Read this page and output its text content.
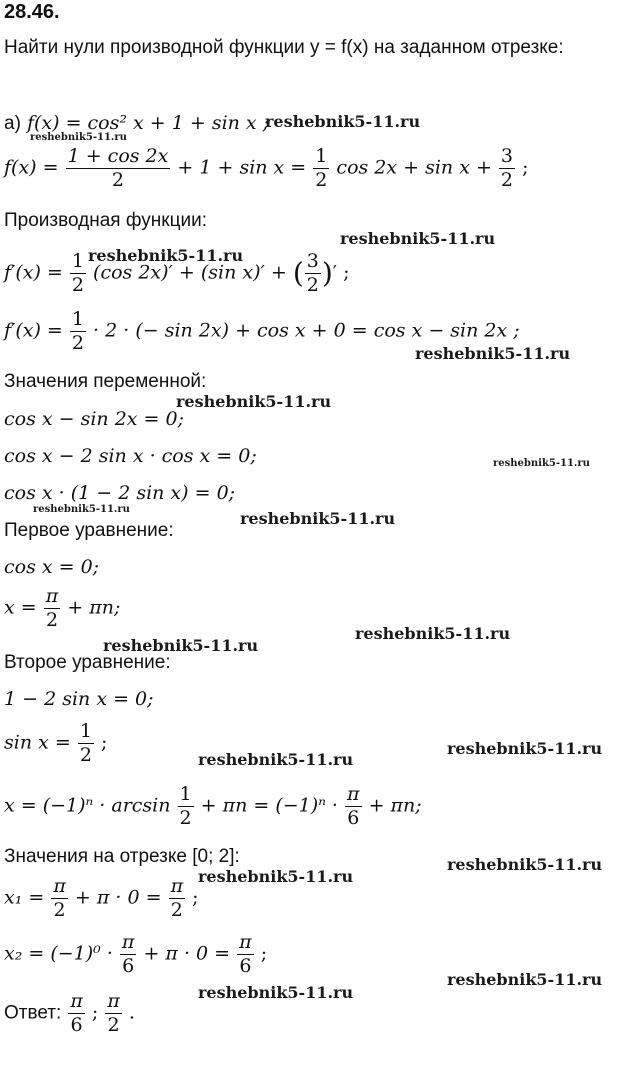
28.46.
Найти нули производной функции y = f(x) на заданном отрезке:
а) f(x) = cos² x + 1 + sin x ;
reshebnik5-11.ru
reshebnik5-11.ru
$f(x) = \frac{1 + \cos 2x}{2} + 1 + \sin x = \frac{1}{2}$ $\cos 2x + \sin x + \frac{3}{2}$ ;
Производная функции:
reshebnik5-11.ru
reshebnik5-11.ru
$f'(x) = \frac{1}{2} (\cos$ 2x)′ + (sin x)′ + ( $\frac{3}{2}$ )′ ;
$f'(x) = \frac{1}{2} \cdot 2$ · (− sin 2x) + cos x + 0 = cos x − sin 2x ;
reshebnik5-11.ru
Значения переменной:
reshebnik5-11.ru
cos x − sin 2x = 0;
cos x − 2 sin x · cos x = 0;	reshebnik5-11.ru
cos x · (1 − 2 sin x) = 0;
reshebnik5-11.ru
Первое уравнение:
reshebnik5-11.ru
cos x = 0;
$x = \frac{\pi}{2} + \pi n$;
reshebnik5-11.ru
reshebnik5-11.ru
Второе уравнение:
1 − 2 sin x = 0;
$\sin x = \frac{1}{2}$ ;	reshebnik5-11.ru
reshebnik5-11.ru
$x = (-1)^n \cdot \arcsin \frac{1}{2} + \pi n = (-1)^n \cdot \frac{\pi}{6} + \pi n$;
Значения на отрезке [0; 2]:	reshebnik5-11.ru
reshebnik5-11.ru
$x_1 = \frac{\pi}{2} + \pi \cdot 0 = \frac{\pi}{2}$ ;
$x_2 = (-1)^0 \cdot \frac{\pi}{6} + \pi \cdot 0 = \frac{\pi}{6}$ ;
reshebnik5-11.ru
reshebnik5-11.ru
Ответ: $\frac{\pi}{6}$ ; $\frac{\pi}{2}$ .
